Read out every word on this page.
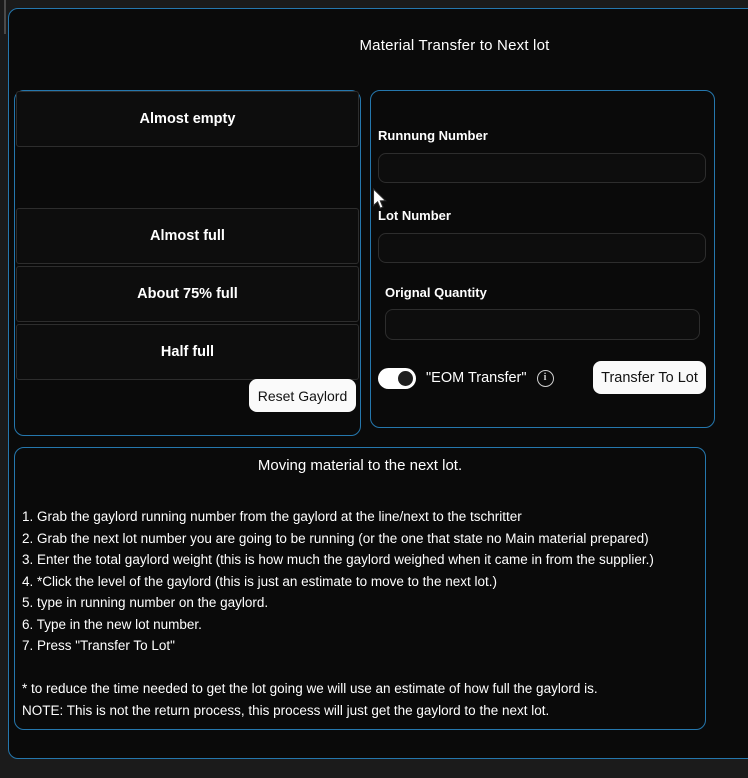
Material Transfer to Next lot
Almost full
About 75% full
Half full
Almost empty
Reset Gaylord
Runnung Number
Lot Number
Orignal Quantity
"EOM Transfer"	i	Transfer To Lot
Moving material to the next lot.
1. Grab the gaylord running number from the gaylord at the line/next to the tschritter
2. Grab the next lot number you are going to be running (or the one that state no Main material prepared)
3. Enter the total gaylord weight (this is how much the gaylord weighed when it came in from the supplier.)
4. *Click the level of the gaylord (this is just an estimate to move to the next lot.)
5. type in running number on the gaylord.
6. Type in the new lot number.
7. Press "Transfer To Lot"
* to reduce the time needed to get the lot going we will use an estimate of how full the gaylord is.
NOTE: This is not the return process, this process will just get the gaylord to the next lot.
